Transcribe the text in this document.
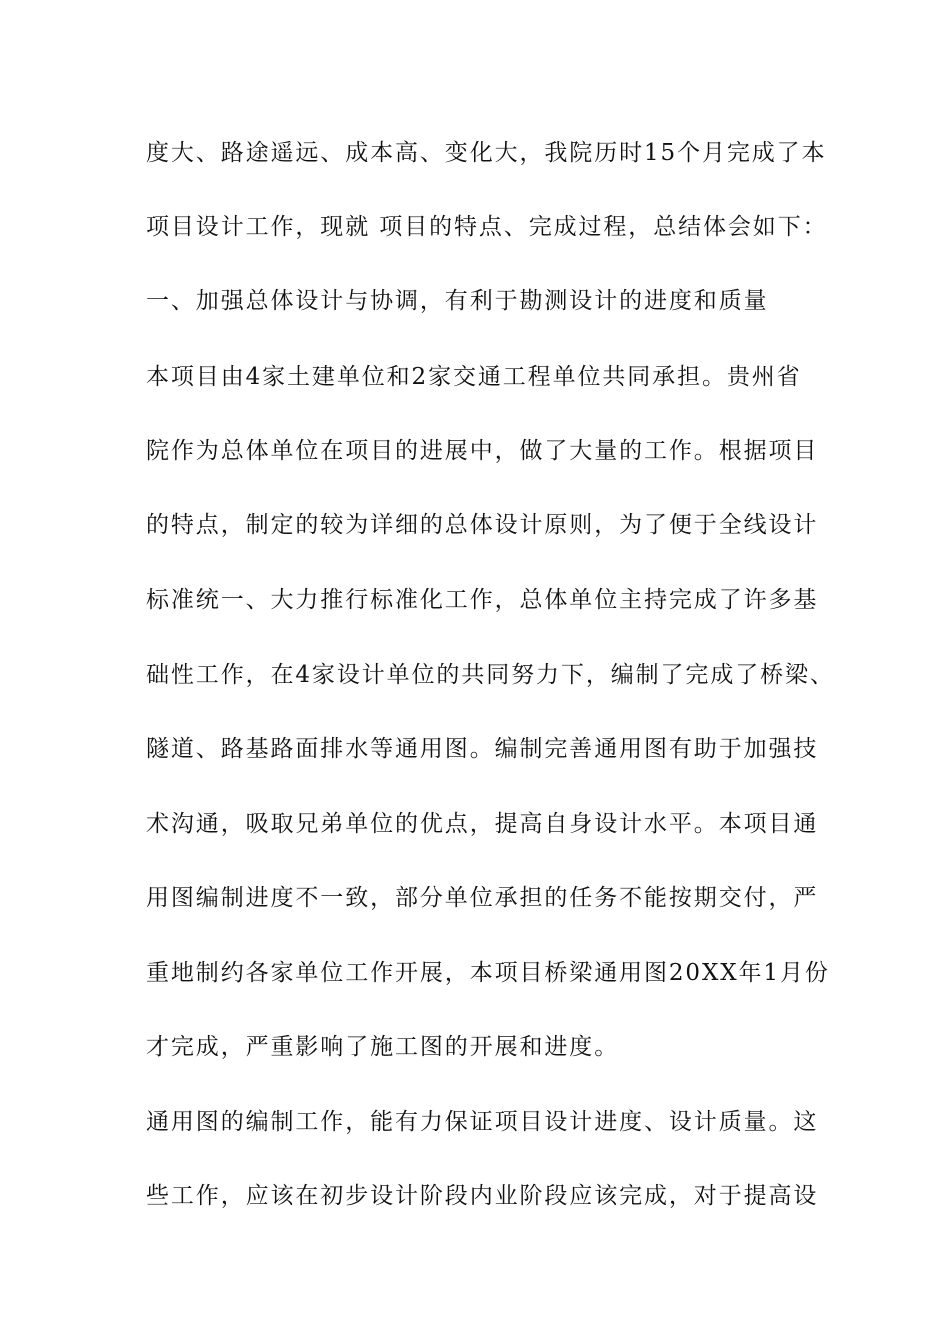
度大、路途遥远、成本高、变化大，我院历时15个月完成了本
项目设计工作，现就 项目的特点、完成过程，总结体会如下：
一、加强总体设计与协调，有利于勘测设计的进度和质量
本项目由4家土建单位和2家交通工程单位共同承担。贵州省
院作为总体单位在项目的进展中，做了大量的工作。根据项目
的特点，制定的较为详细的总体设计原则，为了便于全线设计
标准统一、大力推行标准化工作，总体单位主持完成了许多基
础性工作，在4家设计单位的共同努力下，编制了完成了桥梁、
隧道、路基路面排水等通用图。编制完善通用图有助于加强技
术沟通，吸取兄弟单位的优点，提高自身设计水平。本项目通
用图编制进度不一致，部分单位承担的任务不能按期交付，严
重地制约各家单位工作开展，本项目桥梁通用图20XX年1月份
才完成，严重影响了施工图的开展和进度。
通用图的编制工作，能有力保证项目设计进度、设计质量。这
些工作，应该在初步设计阶段内业阶段应该完成，对于提高设
